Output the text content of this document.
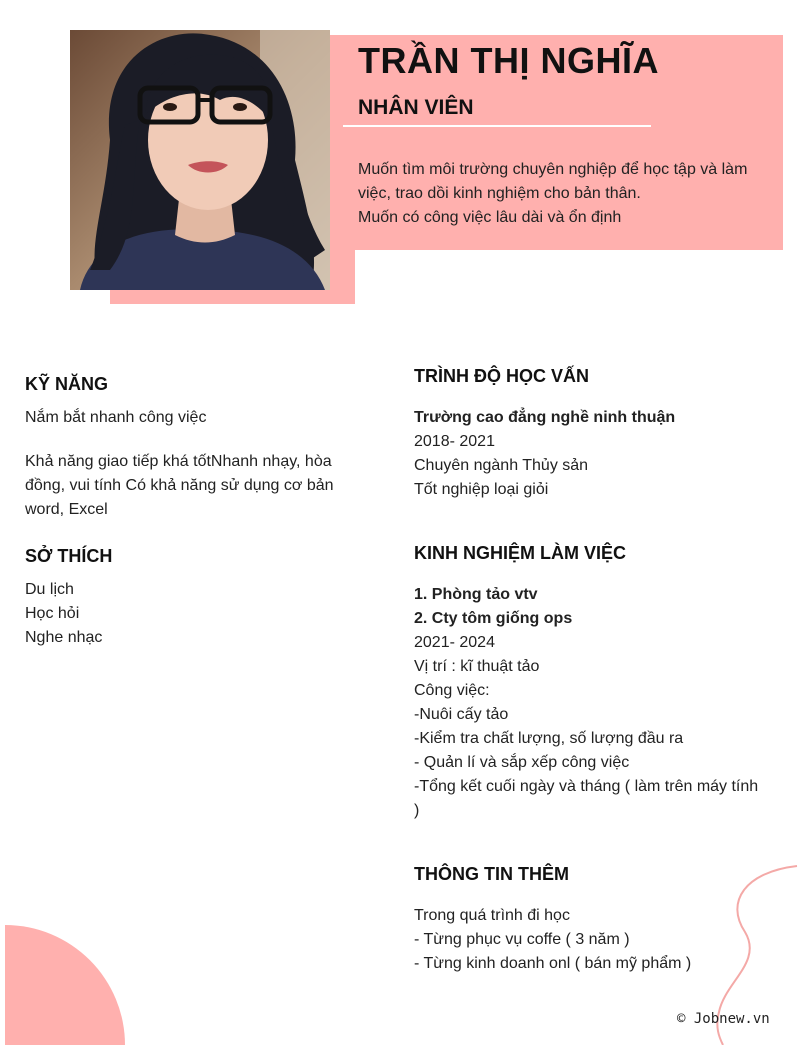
TRẦN THỊ NGHĨA
NHÂN VIÊN
Muốn tìm môi trường chuyên nghiệp để học tập và làm
việc, trao dồi kinh nghiệm cho bản thân.
Muốn có công việc lâu dài và ổn định
KỸ NĂNG
Nắm bắt nhanh công việc
Khả năng giao tiếp khá tốtNhanh nhạy, hòa
đồng, vui tính Có khả năng sử dụng cơ bản
word, Excel
SỞ THÍCH
Du lịch
Học hỏi
Nghe nhạc
TRÌNH ĐỘ HỌC VẤN
Trường cao đẳng nghề ninh thuận
2018- 2021
Chuyên ngành Thủy sản
Tốt nghiệp loại giỏi
KINH NGHIỆM LÀM VIỆC
1. Phòng tảo vtv
2. Cty tôm giống ops
2021- 2024
Vị trí : kĩ thuật tảo
Công việc:
-Nuôi cấy tảo
-Kiểm tra chất lượng, số lượng đầu ra
- Quản lí và sắp xếp công việc
-Tổng kết cuối ngày và tháng ( làm trên máy tính
)
THÔNG TIN THÊM
Trong quá trình đi học
- Từng phục vụ coffe ( 3 năm )
- Từng kinh doanh onl ( bán mỹ phẩm )
© Jobnew.vn
